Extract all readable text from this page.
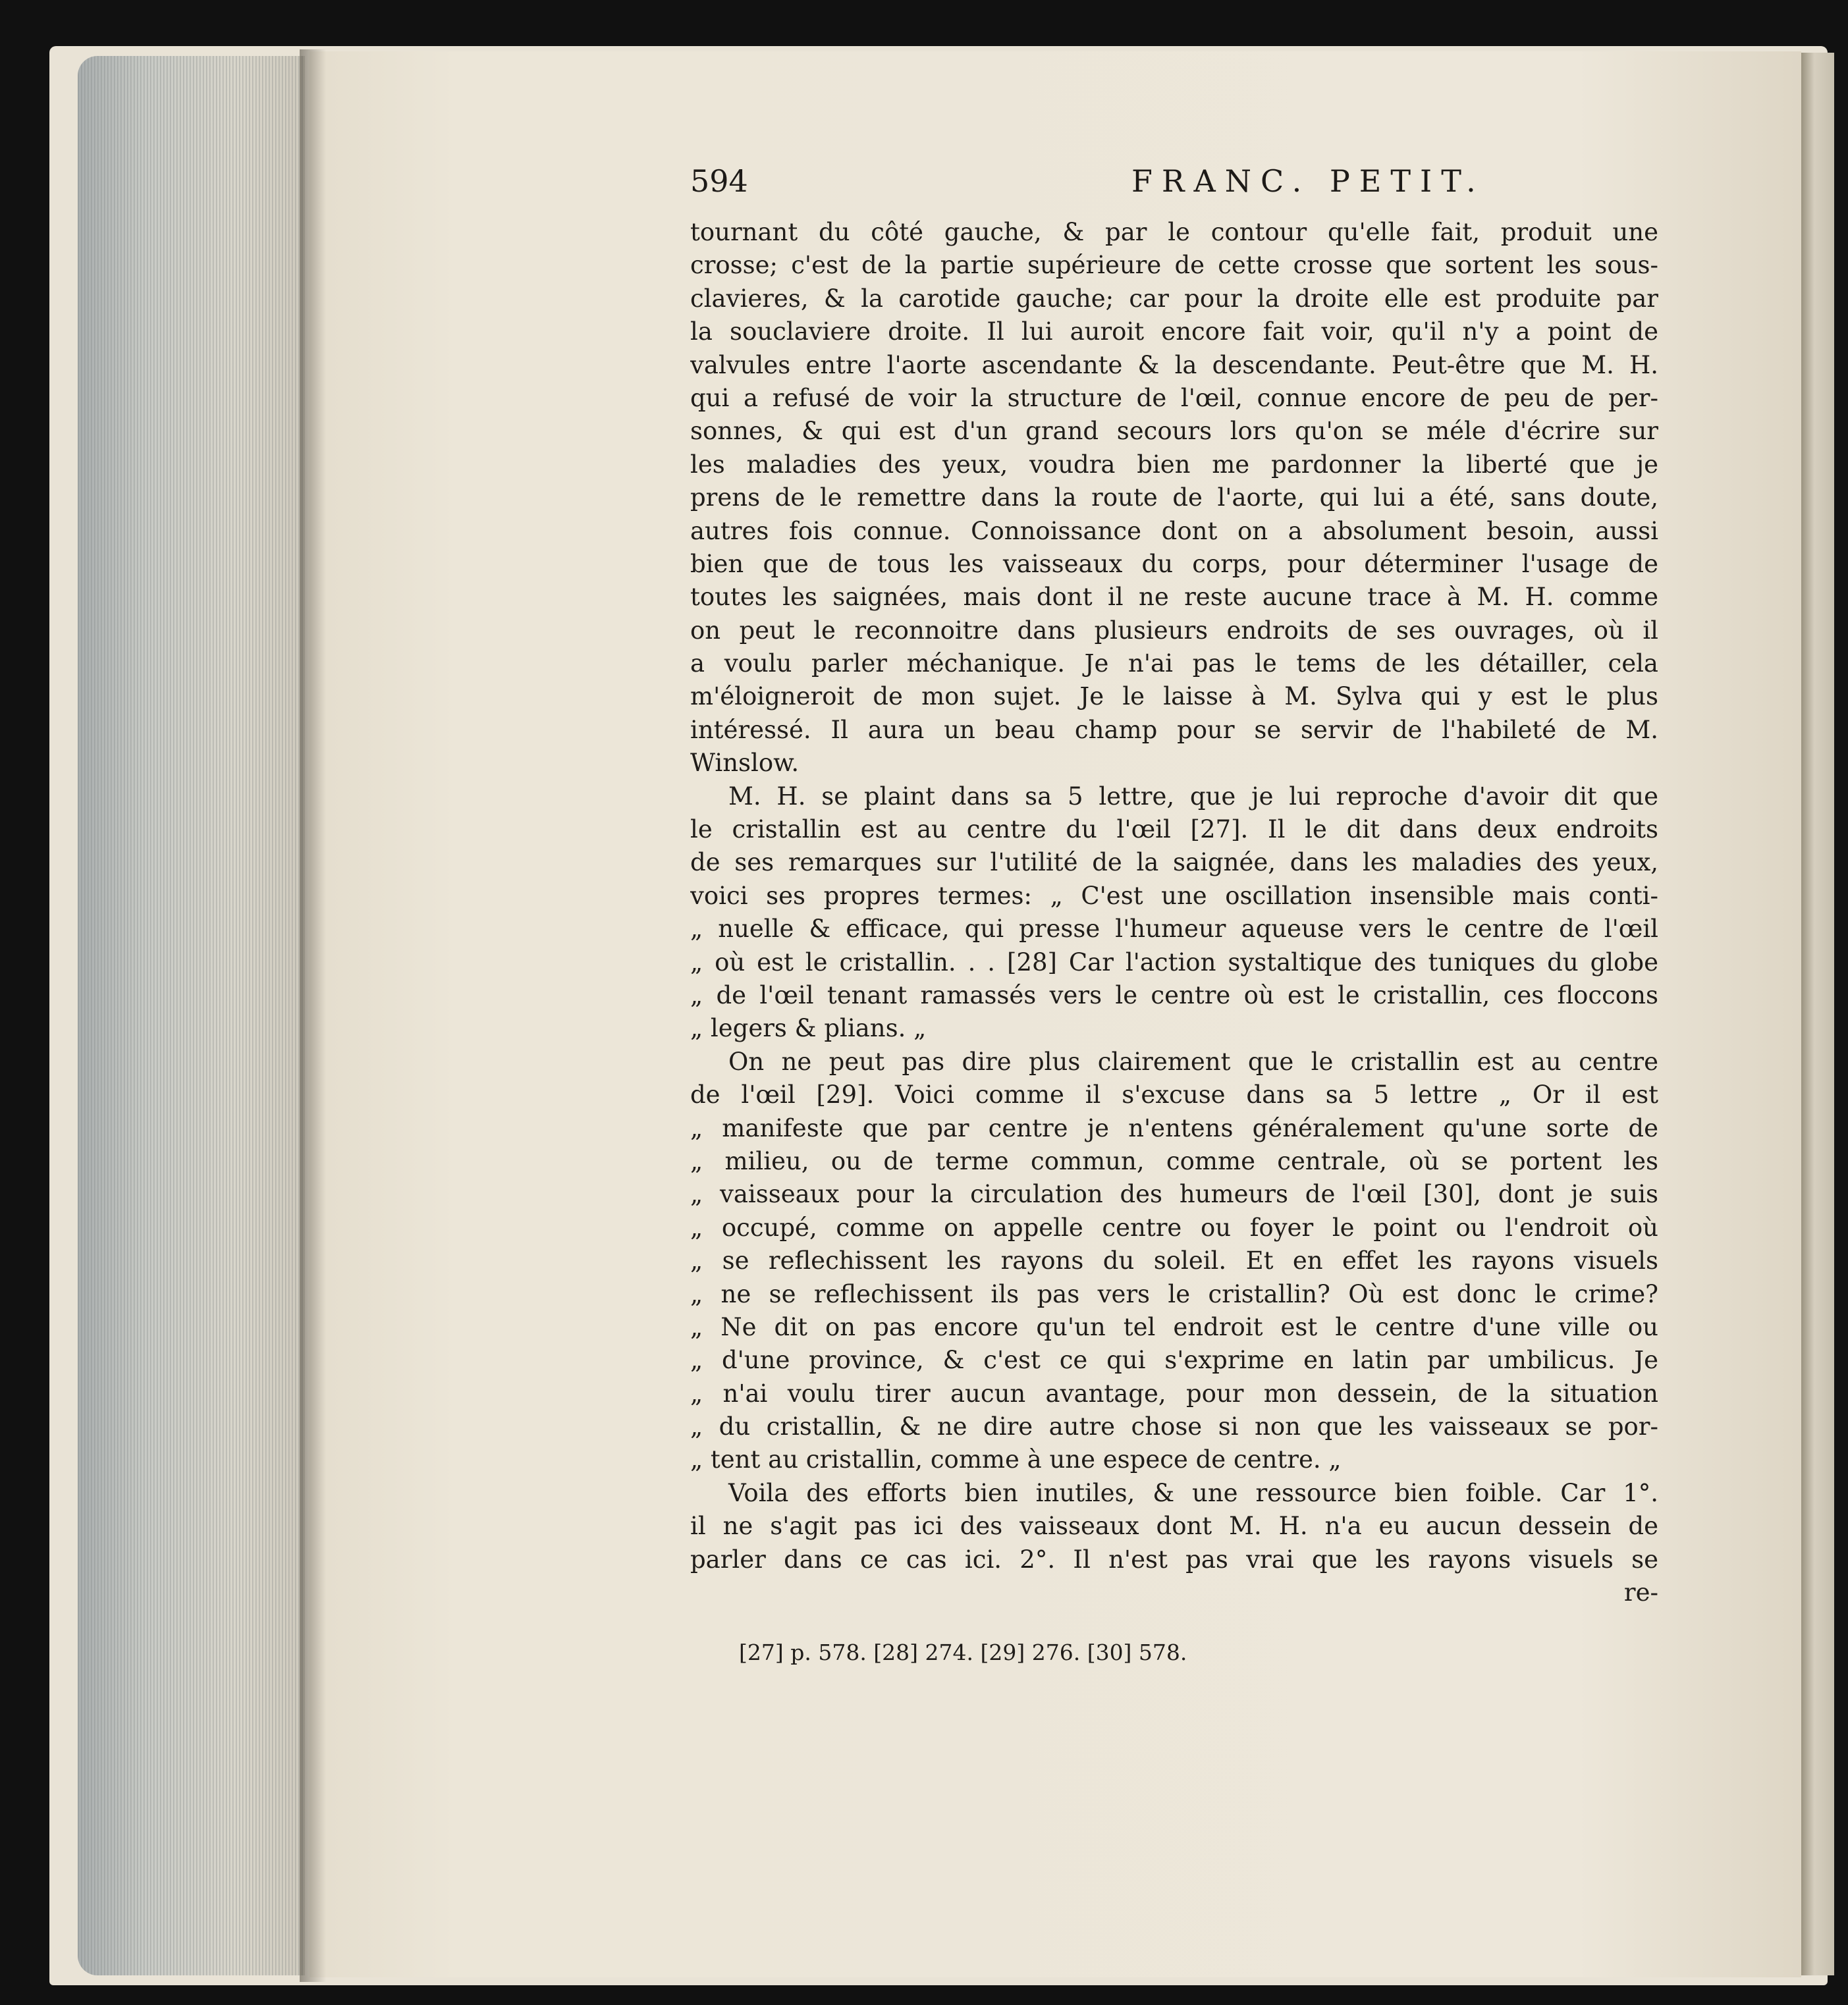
594	FRANC. PETIT.
tournant du côté gauche, & par le contour qu'elle fait, produit une
crosse; c'est de la partie supérieure de cette crosse que sortent les sous-
clavieres, & la carotide gauche; car pour la droite elle est produite par
la souclaviere droite. Il lui auroit encore fait voir, qu'il n'y a point de
valvules entre l'aorte ascendante & la descendante. Peut-être que M. H.
qui a refusé de voir la structure de l'œil, connue encore de peu de per-
sonnes, & qui est d'un grand secours lors qu'on se méle d'écrire sur
les maladies des yeux, voudra bien me pardonner la liberté que je
prens de le remettre dans la route de l'aorte, qui lui a été, sans doute,
autres fois connue. Connoissance dont on a absolument besoin, aussi
bien que de tous les vaisseaux du corps, pour déterminer l'usage de
toutes les saignées, mais dont il ne reste aucune trace à M. H. comme
on peut le reconnoitre dans plusieurs endroits de ses ouvrages, où il
a voulu parler méchanique. Je n'ai pas le tems de les détailler, cela
m'éloigneroit de mon sujet. Je le laisse à M. Sylva qui y est le plus
intéressé. Il aura un beau champ pour se servir de l'habileté de M.
Winslow.
M. H. se plaint dans sa 5 lettre, que je lui reproche d'avoir dit que
le cristallin est au centre du l'œil [27]. Il le dit dans deux endroits
de ses remarques sur l'utilité de la saignée, dans les maladies des yeux,
voici ses propres termes: „ C'est une oscillation insensible mais conti-
„ nuelle & efficace, qui presse l'humeur aqueuse vers le centre de l'œil
„ où est le cristallin. . . [28] Car l'action systaltique des tuniques du globe
„ de l'œil tenant ramassés vers le centre où est le cristallin, ces floccons
„ legers & plians. „
On ne peut pas dire plus clairement que le cristallin est au centre
de l'œil [29]. Voici comme il s'excuse dans sa 5 lettre „ Or il est
„ manifeste que par centre je n'entens généralement qu'une sorte de
„ milieu, ou de terme commun, comme centrale, où se portent les
„ vaisseaux pour la circulation des humeurs de l'œil [30], dont je suis
„ occupé, comme on appelle centre ou foyer le point ou l'endroit où
„ se reflechissent les rayons du soleil. Et en effet les rayons visuels
„ ne se reflechissent ils pas vers le cristallin? Où est donc le crime?
„ Ne dit on pas encore qu'un tel endroit est le centre d'une ville ou
„ d'une province, & c'est ce qui s'exprime en latin par umbilicus. Je
„ n'ai voulu tirer aucun avantage, pour mon dessein, de la situation
„ du cristallin, & ne dire autre chose si non que les vaisseaux se por-
„ tent au cristallin, comme à une espece de centre. „
Voila des efforts bien inutiles, & une ressource bien foible. Car 1°.
il ne s'agit pas ici des vaisseaux dont M. H. n'a eu aucun dessein de
parler dans ce cas ici. 2°. Il n'est pas vrai que les rayons visuels se
re-
[27] p. 578. [28] 274. [29] 276. [30] 578.
